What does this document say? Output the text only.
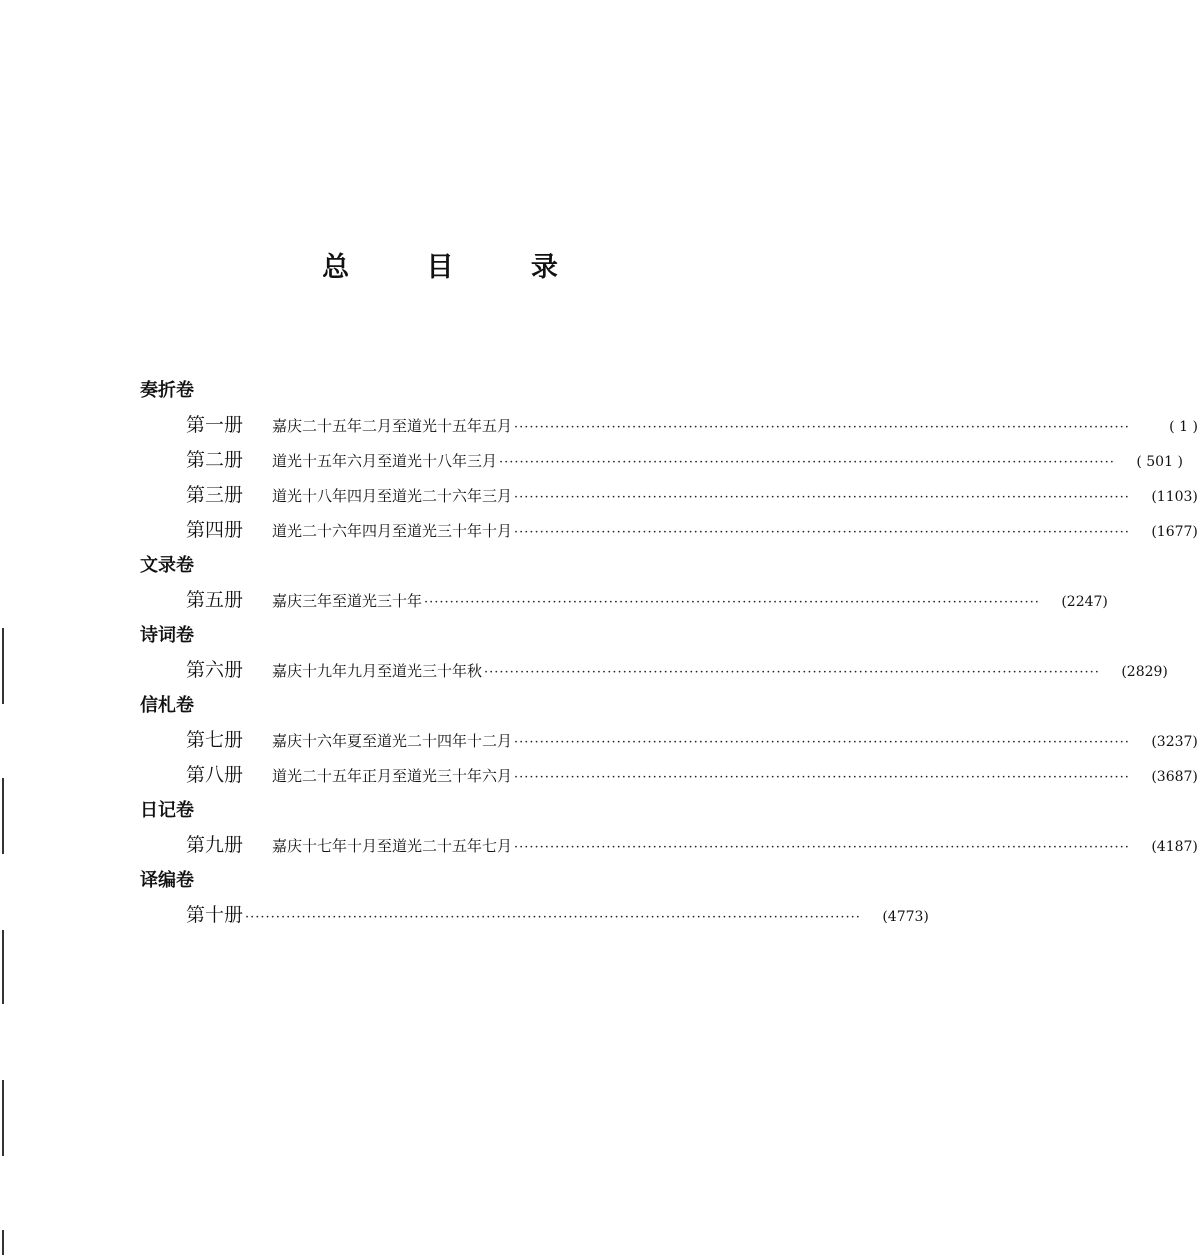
总 目 录
奏折卷
第一册	嘉庆二十五年二月至道光十五年五月 ························································································································	( 1 )
第二册	道光十五年六月至道光十八年三月 ························································································································	( 501 )
第三册	道光十八年四月至道光二十六年三月 ························································································································	(1103)
第四册	道光二十六年四月至道光三十年十月 ························································································································	(1677)
文录卷
第五册	嘉庆三年至道光三十年 ························································································································	(2247)
诗词卷
第六册	嘉庆十九年九月至道光三十年秋 ························································································································	(2829)
信札卷
第七册	嘉庆十六年夏至道光二十四年十二月 ························································································································	(3237)
第八册	道光二十五年正月至道光三十年六月 ························································································································	(3687)
日记卷
第九册	嘉庆十七年十月至道光二十五年七月 ························································································································	(4187)
译编卷
第十册 ························································································································	(4773)
